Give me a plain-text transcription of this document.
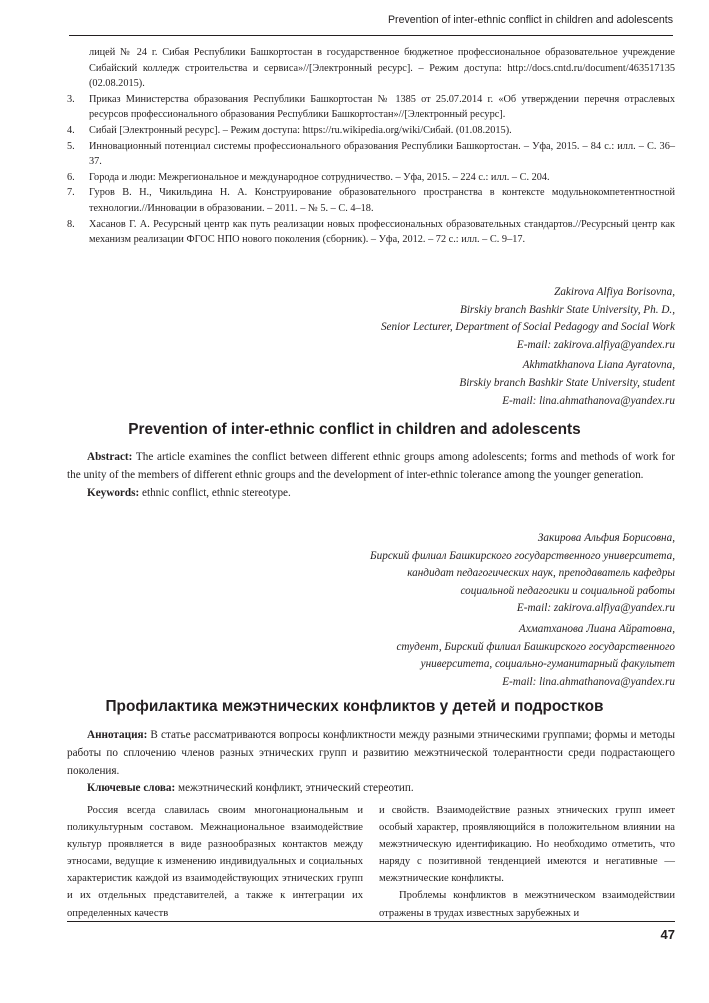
Prevention of inter-ethnic conflict in children and adolescents
лицей № 24 г. Сибая Республики Башкортостан в государственное бюджетное профессиональное образовательное учреждение Сибайский колледж строительства и сервиса»//[Электронный ресурс]. – Режим доступа: http://docs.cntd.ru/document/463517135 (02.08.2015).
3. Приказ Министерства образования Республики Башкортостан № 1385 от 25.07.2014 г. «Об утверждении перечня отраслевых ресурсов профессионального образования Республики Башкортостан»//[Электронный ресурс].
4. Сибай [Электронный ресурс]. – Режим доступа: https://ru.wikipedia.org/wiki/Сибай. (01.08.2015).
5. Инновационный потенциал системы профессионального образования Республики Башкортостан. – Уфа, 2015. – 84 с.: илл. – С. 36–37.
6. Города и люди: Межрегиональное и международное сотрудничество. – Уфа, 2015. – 224 с.: илл. – С. 204.
7. Гуров В. Н., Чикильдина Н. А. Конструирование образовательного пространства в контексте модульнокомпетентностной технологии.//Инновации в образовании. – 2011. – № 5. – С. 4–18.
8. Хасанов Г. А. Ресурсный центр как путь реализации новых профессиональных образовательных стандартов.//Ресурсный центр как механизм реализации ФГОС НПО нового поколения (сборник). – Уфа, 2012. – 72 с.: илл. – С. 9–17.

Zakirova Alfiya Borisovna,

Birskiy branch Bashkir State University, Ph. D.,

Senior Lecturer, Department of Social Pedagogy and Social Work

E-mail: zakirova.alfiya@yandex.ru

Akhmatkhanova Liana Ayratovna,

Birskiy branch Bashkir State University, student

E-mail: lina.ahmathanova@yandex.ru

Prevention of inter-ethnic conflict in children and adolescents

Abstract: The article examines the conflict between different ethnic groups among adolescents; forms and methods of work for the unity of the members of different ethnic groups and the development of inter-ethnic tolerance among the younger generation.

Keywords: ethnic conflict, ethnic stereotype.

Закирова Альфия Борисовна,

Бирский филиал Башкирского государственного университета,

кандидат педагогических наук, преподаватель кафедры

социальной педагогики и социальной работы

E-mail: zakirova.alfiya@yandex.ru

Ахматханова Лиана Айратовна,

студент, Бирский филиал Башкирского государственного

университета, социально-гуманитарный факультет

E-mail: lina.ahmathanova@yandex.ru

Профилактика межэтнических конфликтов у детей и подростков

Аннотация: В статье рассматриваются вопросы конфликтности между разными этническими группами; формы и методы работы по сплочению членов разных этнических групп и развитию межэтнической толерантности среди подрастающего поколения.

Ключевые слова: межэтнический конфликт, этнический стереотип.

Россия всегда славилась своим многонациональным и поликультурным составом. Межнациональное взаимодействие культур проявляется в виде разнообразных контактов между этносами, ведущие к изменению индивидуальных и социальных характеристик каждой из взаимодействующих этнических групп и их отдельных представителей, а также к интеграции их определенных качеств

и свойств. Взаимодействие разных этнических групп имеет особый характер, проявляющийся в положительном влиянии на межэтническую идентификацию. Но необходимо отметить, что наряду с позитивной тенденцией имеются и негативные — межэтнические конфликты.

Проблемы конфликтов в межэтническом взаимодействии отражены в трудах известных зарубежных и

47
